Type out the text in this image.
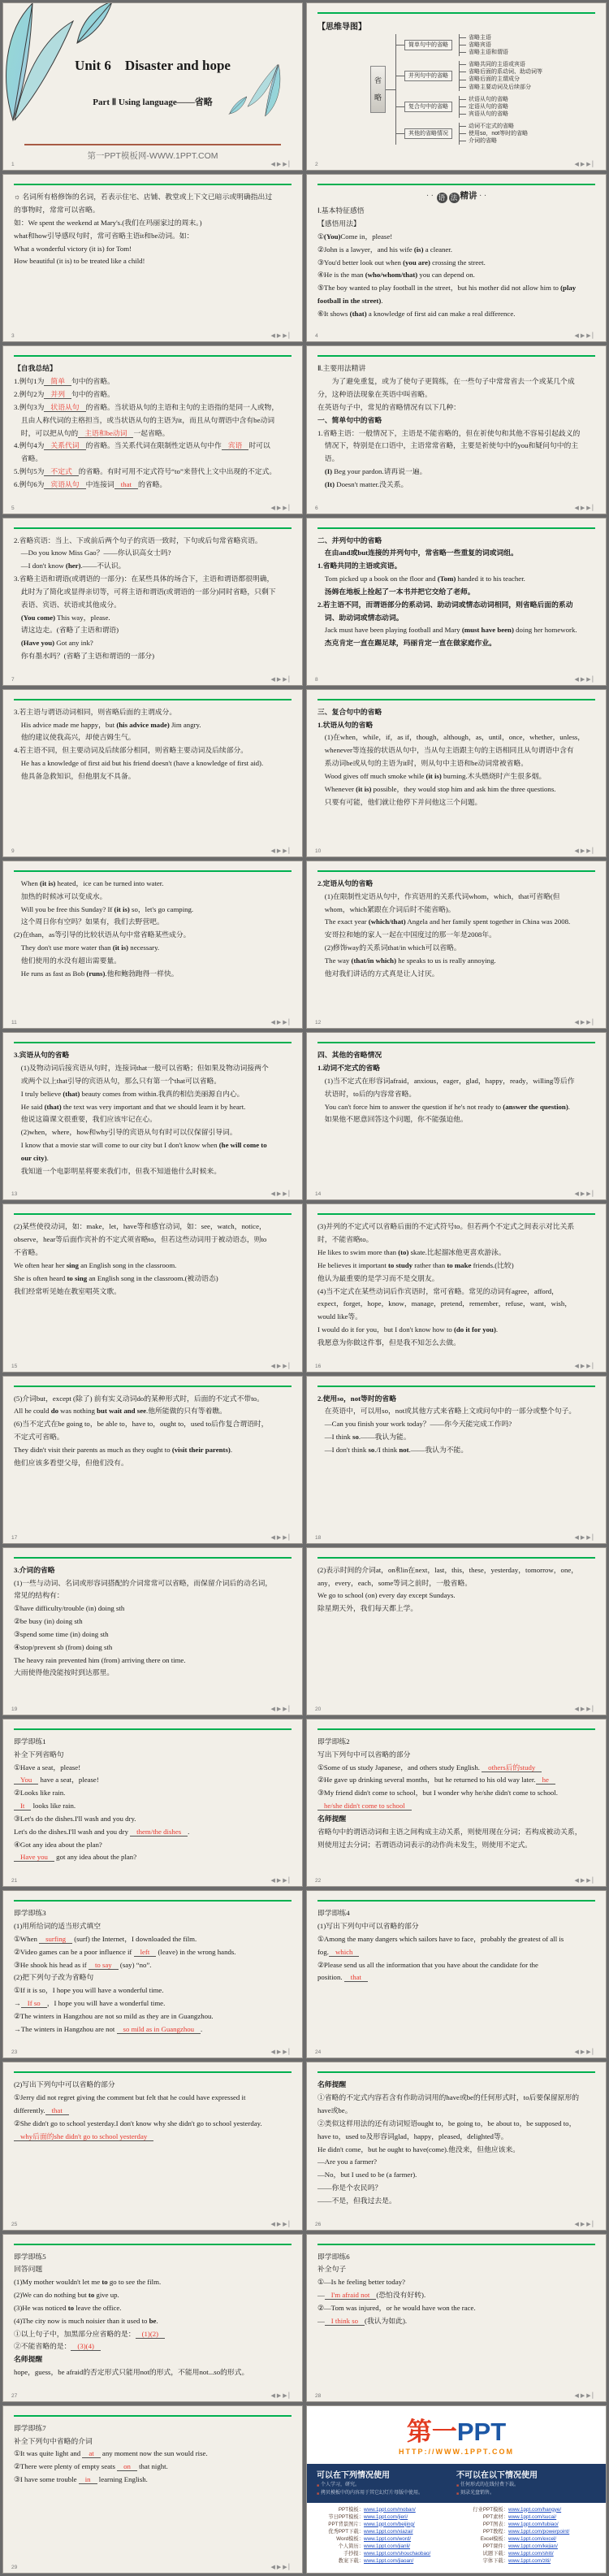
Unit 6　Disaster and hope
Part Ⅱ Using language——省略
第一PPT模板网-WWW.1PPT.COM
1	◀▶▶▏
【思维导图】
省
略
简单句中的省略
省略主语
省略宾语
省略主语和谓语
并列句中的省略
省略共同的主语或宾语
省略后面的系动词、助动词等
省略后面的主谓成分
省略主要动词及后续部分
复合句中的省略
状语从句的省略
定语从句的省略
宾语从句的省略
其他的省略情况
动词不定式的省略
使用so，not等时的省略
介词的省略
2	◀▶▶▏
☼ 名词所有格修饰的名词，若表示住宅、店铺、教堂或上下文已暗示或明确指出过
的事物时，常常可以省略。
如：We spent the weekend at Mary's.(我们在玛丽家过的周末。)
what和how引导感叹句时，常可省略主语it和be动词。如：
What a wonderful victory (it is) for Tom!
How beautiful (it is) to be treated like a child!
3	◀▶▶▏
· · 语 法 精讲 · ·
Ⅰ.基本特征感悟
【感悟用法】
①(You)Come in，please!
②John is a lawyer，and his wife (is) a cleaner.
③You'd better look out when (you are) crossing the street.
④He is the man (who/whom/that) you can depend on.
⑤The boy wanted to play football in the street，but his mother did not allow him to (play
football in the street).
⑥It shows (that) a knowledge of first aid can make a real difference.
4	◀▶▶▏
【自我总结】
1.例句1为 简单 句中的省略。
2.例句2为 并列 句中的省略。
3.例句3为 状语从句 的省略。当状语从句的主语和主句的主语指的是同一人或物，
　且由人称代词的主格担当，或当状语从句的主语为it，而且从句谓语中含有be动词
　时，可以把从句的 主语和be动词 一起省略。
4.例句4为 关系代词 的省略。当关系代词在限制性定语从句中作 宾语 时可以
　省略。
5.例句5为 不定式 的省略。有时可用不定式符号“to”来替代上文中出现的不定式。
6.例句6为 宾语从句 中连接词 that 的省略。
5	◀▶▶▏
Ⅱ.主要用法精讲
　　为了避免重复，或为了使句子更简练，在一些句子中常常省去一个或某几个成
分，这种语法现象在英语中叫省略。
在英语句子中，常见的省略情况有以下几种：
一、简单句中的省略
1.省略主语：一般情况下，主语是不能省略的，但在祈使句和其他不容易引起歧义的
　情况下，特别是在口语中，主语常常省略，主要是祈使句中的you和疑问句中的主
　语。
　(I) Beg your pardon.请再说一遍。
　(It) Doesn't matter.没关系。
6	◀▶▶▏
2.省略宾语：当上、下或前后两个句子的宾语一致时，下句或后句常省略宾语。
　—Do you know Miss Gao？——你认识高女士吗?
　—I don't know (her).——不认识。
3.省略主语和谓语(或谓语的一部分)：在某些具体的场合下，主语和谓语都很明确，
　此时为了简化或显得亲切等，可将主语和谓语(或谓语的一部分)同时省略，只剩下
　表语、宾语、状语或其他成分。
　(You come) This way，please.
　请这边走。(省略了主语和谓语)
　(Have you) Got any ink?
　你有墨水吗？(省略了主语和谓语的一部分)
7	◀▶▶▏
二、并列句中的省略
　在由and或but连接的并列句中，常省略一些重复的词或词组。
1.省略共同的主语或宾语。
　Tom picked up a book on the floor and (Tom) handed it to his teacher.
　汤姆在地板上捡起了一本书并把它交给了老师。
2.若主语不同，而谓语部分的系动词、助动词或情态动词相同，则省略后面的系动
　词、助动词或情态动词。
　Jack must have been playing football and Mary (must have been) doing her homework.
　杰克肯定一直在踢足球，玛丽肯定一直在做家庭作业。
8	◀▶▶▏
3.若主语与谓语动词相同，则省略后面的主谓成分。
　His advice made me happy，but (his advice made) Jim angry.
　他的建议使我高兴，却使吉姆生气。
4.若主语不同，但主要动词及后续部分相同，则省略主要动词及后续部分。
　He has a knowledge of first aid but his friend doesn't (have a knowledge of first aid).
　他具备急救知识，但他朋友不具备。
9	◀▶▶▏
三、复合句中的省略
1.状语从句的省略
　(1)在when，while，if，as if，though，although，as，until，once，whether，unless，
　whenever等连接的状语从句中，当从句主语跟主句的主语相同且从句谓语中含有
　系动词be或从句的主语为it时，则从句中主语和be动词常被省略。
　Wood gives off much smoke while (it is) burning.木头燃烧时产生很多烟。
　Whenever (it is) possible，they would stop him and ask him the three questions.
　只要有可能，他们就让他停下并问他这三个问题。
10	◀▶▶▏
　When (it is) heated，ice can be turned into water.
　加热的时候冰可以变成水。
　Will you be free this Sunday? If (it is) so，let's go camping.
　这个周日你有空吗？如果有，我们去野营吧。
(2)在than，as等引导的比较状语从句中常省略某些成分。
　They don't use more water than (it is) necessary.
　他们使用的水没有超出需要量。
　He runs as fast as Bob (runs).他和鲍勃跑得一样快。
11	◀▶▶▏
2.定语从句的省略
　(1)在限制性定语从句中，作宾语用的关系代词whom，which，that可省略(但
　whom，which紧跟在介词后时不能省略)。
　The exact year (which/that) Angela and her family spent together in China was 2008.
　安哥拉和她的家人一起在中国度过的那一年是2008年。
　(2)修饰way的关系词that/in which可以省略。
　The way (that/in which) he speaks to us is really annoying.
　他对我们讲话的方式真是让人讨厌。
12	◀▶▶▏
3.宾语从句的省略
　(1)及物动词后接宾语从句时，连接词that一般可以省略；但如果及物动词接两个
　或两个以上that引导的宾语从句，那么只有第一个that可以省略。
　I truly believe (that) beauty comes from within.我真的相信美丽源自内心。
　He said (that) the text was very important and that we should learn it by heart.
　他说这篇课文很重要，我们应该牢记在心。
　(2)when，where，how和why引导的宾语从句有时可以仅保留引导词。
　I know that a movie star will come to our city but I don't know when (he will come to
　our city).
　我知道一个电影明星将要来我们市，但我不知道他什么时候来。
13	◀▶▶▏
四、其他的省略情况
1.动词不定式的省略
　(1)当不定式在形容词afraid，anxious，eager，glad，happy，ready，willing等后作
　状语时，to后的内容常省略。
　You can't force him to answer the question if he's not ready to (answer the question).
　如果他不愿意回答这个问题，你不能强迫他。
14	◀▶▶▏
(2)某些使役动词，如：make，let，have等和感官动词，如：see，watch，notice，
observe，hear等后面作宾补的不定式须省略to，但若这些动词用于被动语态，则to
不省略。
We often hear her sing an English song in the classroom.
She is often heard to sing an English song in the classroom.(被动语态)
我们经常听见她在教室唱英文歌。
15	◀▶▶▏
(3)并列的不定式可以省略后面的不定式符号to。但若两个不定式之间表示对比关系
时，不能省略to。
He likes to swim more than (to) skate.比起溜冰他更喜欢游泳。
He believes it important to study rather than to make friends.(比较)
他认为最重要的是学习而不是交朋友。
(4)当不定式在某些动词后作宾语时，常可省略。常见的动词有agree，afford，
expect，forget，hope，know，manage，pretend，remember，refuse，want，wish，
would like等。
I would do it for you，but I don't know how to (do it for you).
我愿意为你做这件事，但是我不知怎么去做。
16	◀▶▶▏
(5)介词but，except (除了) 前有实义动词do的某种形式时，后面的不定式不带to。
All he could do was nothing but wait and see.他所能做的只有等着瞧。
(6)当不定式在be going to，be able to，have to，ought to，used to后作复合谓语时，
不定式可省略。
They didn't visit their parents as much as they ought to (visit their parents).
他们应该多看望父母，但他们没有。
17	◀▶▶▏
2.使用so，not等时的省略
　在英语中，可以用so，not或其他方式来省略上文或问句中的一部分或整个句子。
　—Can you finish your work today？——你今天能完成工作吗?
　—I think so.——我认为能。
　—I don't think so./I think not.——我认为不能。
18	◀▶▶▏
3.介词的省略
(1)一些与动词、名词或形容词搭配的介词常常可以省略，而保留介词后的动名词，
常见的结构有：
①have difficulty/trouble (in) doing sth
②be busy (in) doing sth
③spend some time (in) doing sth
④stop/prevent sb (from) doing sth
The heavy rain prevented him (from) arriving there on time.
大雨使得他没能按时到达那里。
19	◀▶▶▏
(2)表示时间的介词at，on和in在next，last，this，these，yesterday，tomorrow，one，
any，every，each，some等词之前时，一般省略。
We go to school (on) every day except Sundays.
除星期天外，我们每天都上学。
20	◀▶▶▏
即学即练1
补全下列省略句
①Have a seat，please!
You have a seat，please!
②Looks like rain.
It looks like rain.
③Let's do the dishes.I'll wash and you dry.
Let's do the dishes.I'll wash and you dry them/the dishes .
④Got any idea about the plan?
Have you got any idea about the plan?
21	◀▶▶▏
即学即练2
写出下列句中可以省略的部分
①Some of us study Japanese，and others study English. others后的study
②He gave up drinking several months，but he returned to his old way later. he
③My friend didn't come to school，but I wonder why he/she didn't come to school.
he/she didn't come to school
名师提醒
省略句中的谓语动词和主语之间构成主动关系，则使用现在分词；若构成被动关系，
则使用过去分词；若谓语动词表示的动作尚未发生，则使用不定式。
22	◀▶▶▏
即学即练3
(1)用所给词的适当形式填空
①When surfing (surf) the Internet，I downloaded the film.
②Video games can be a poor influence if left (leave) in the wrong hands.
③He shook his head as if to say (say) “no”.
(2)把下列句子改为省略句
①If it is so，I hope you will have a wonderful time.
→ If so ，I hope you will have a wonderful time.
②The winters in Hangzhou are not so mild as they are in Guangzhou.
→The winters in Hangzhou are not so mild as in Guangzhou .
23	◀▶▶▏
即学即练4
(1)写出下列句中可以省略的部分
①Among the many dangers which sailors have to face，probably the greatest of all is
fog. which
②Please send us all the information that you have about the candidate for the
position. that
24	◀▶▶▏
(2)写出下列句中可以省略的部分
①Jerry did not regret giving the comment but felt that he could have expressed it
differently. that
②She didn't go to school yesterday.I don't know why she didn't go to school yesterday.
why后面的she didn't go to school yesterday
25	◀▶▶▏
名师提醒
①省略的不定式内容若含有作助动词用的have或be的任何形式时，to后要保留原形的
have或be。
②类似这样用法的还有动词短语ought to，be going to，be about to，be supposed to，
have to，used to及形容词glad，happy，pleased，delighted等。
He didn't come，but he ought to have(come).他没来，但他应该来。
—Are you a farmer?
—No，but I used to be (a farmer).
——你是个农民吗？
——不是，但我过去是。
26	◀▶▶▏
即学即练5
回答问题
(1)My mother wouldn't let me to go to see the film.
(2)We can do nothing but to give up.
(3)He was noticed to leave the office.
(4)The city now is much noisier than it used to be.
①以上句子中，加黑部分应省略的是： (1)(2)
②不能省略的是： (3)(4)
名师提醒
hope，guess，be afraid的否定形式只能用not的形式，不能用not...so的形式。
27	◀▶▶▏
即学即练6
补全句子
①—Is he feeling better today?
— I'm afraid not (恐怕没有好转).
②—Tom was injured，or he would have won the race.
— I think so (我认为如此).
28	◀▶▶▏
即学即练7
补全下列句中省略的介词
①It was quite light and at any moment now the sun would rise.
②There were plenty of empty seats on that night.
③I have some trouble in learning English.
29	◀▶▶▏
第一PPT
HTTP://WWW.1PPT.COM
可以在下列情况使用
■ 个人学习，研究。
■ 拷贝模板中的内容用于其它幻灯片母版中使用。
不可以在以下情况使用
■ 任何形式的在线付费下载。
■ 刻录光盘销售。
PPT模板： www.1ppt.com/moban/
节日PPT模板： www.1ppt.com/jieri/
PPT背景图片： www.1ppt.com/beijing/
优秀PPT下载： www.1ppt.com/xiazai/
Word模板： www.1ppt.com/word/
个人简历： www.1ppt.com/jianli/
手抄报： www.1ppt.com/shouchaobao/
教案下载： www.1ppt.com/jiaoan/
行业PPT模板： www.1ppt.com/hangye/
PPT素材： www.1ppt.com/sucai/
PPT图表： www.1ppt.com/tubiao/
PPT教程： www.1ppt.com/powerpoint/
Excel模板： www.1ppt.com/excel/
PPT课件： www.1ppt.com/kejian/
试题下载： www.1ppt.com/shiti/
字体下载： www.1ppt.com/ziti/
